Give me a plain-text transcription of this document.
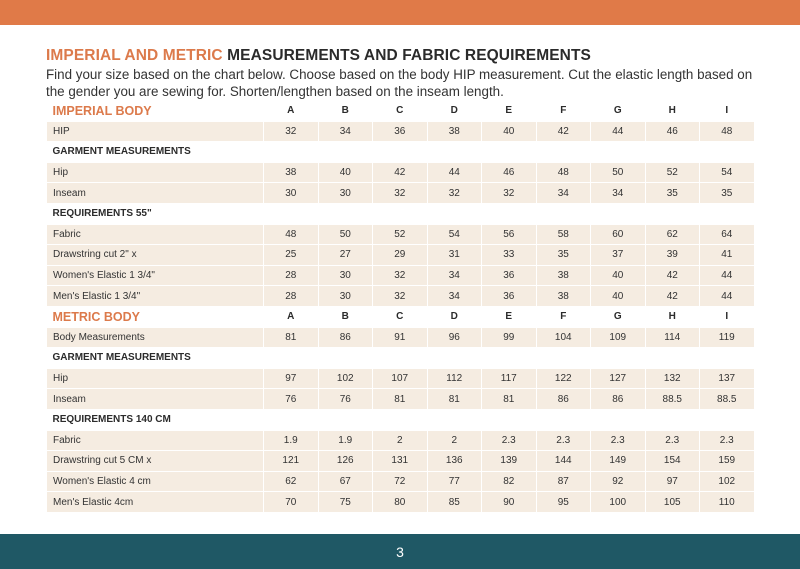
IMPERIAL AND METRIC MEASUREMENTS AND FABRIC REQUIREMENTS

Find your size based on the chart below. Choose based on the body HIP measurement. Cut the elastic length based on the gender you are sewing for. Shorten/lengthen based on the inseam length.

IMPERIAL BODY	A	B	C	D	E	F	G	H	I
HIP	32	34	36	38	40	42	44	46	48
GARMENT MEASUREMENTS									
Hip	38	40	42	44	46	48	50	52	54
Inseam	30	30	32	32	32	34	34	35	35
REQUIREMENTS 55"									
Fabric	48	50	52	54	56	58	60	62	64
Drawstring cut 2" x	25	27	29	31	33	35	37	39	41
Women's Elastic 1 3/4"	28	30	32	34	36	38	40	42	44
Men's Elastic 1 3/4"	28	30	32	34	36	38	40	42	44
METRIC BODY	A	B	C	D	E	F	G	H	I
Body Measurements	81	86	91	96	99	104	109	114	119
GARMENT MEASUREMENTS									
Hip	97	102	107	112	117	122	127	132	137
Inseam	76	76	81	81	81	86	86	88.5	88.5
REQUIREMENTS 140 CM									
Fabric	1.9	1.9	2	2	2.3	2.3	2.3	2.3	2.3
Drawstring cut 5 CM x	121	126	131	136	139	144	149	154	159
Women's Elastic 4 cm	62	67	72	77	82	87	92	97	102
Men's Elastic 4cm	70	75	80	85	90	95	100	105	110
3
